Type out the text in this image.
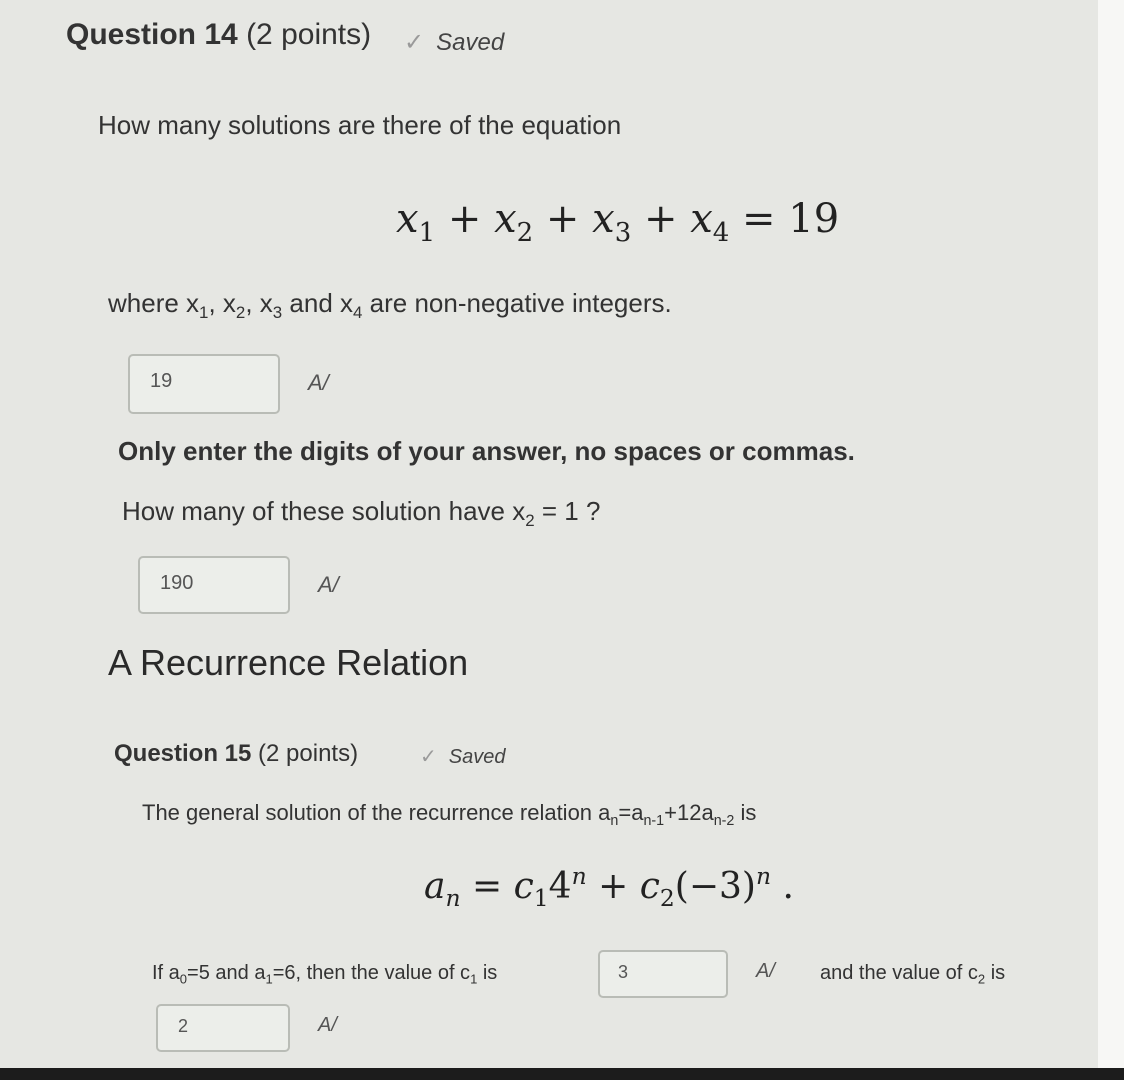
Question 14 (2 points) ✓ Saved
How many solutions are there of the equation
$x_1 + x_2 + x_3 + x_4 = 19$
where $x_1$, $x_2$, $x_3$ and $x_4$ are non-negative integers.
19	A/
Only enter the digits of your answer, no spaces or commas.
How many of these solution have $x_2 = 1$ ?
190	A/
A Recurrence Relation
Question 15 (2 points)	✓ Saved
The general solution of the recurrence relation $a_n=a_{n-1}+12a_{n-2}$ is
$a_n = c_14^n + c_2(-3)^n$ .
If $a_0=5$ and $a_1=6$, then the value of $c_1$ is	3	A/ and the value of $c_2$ is
2	A/
